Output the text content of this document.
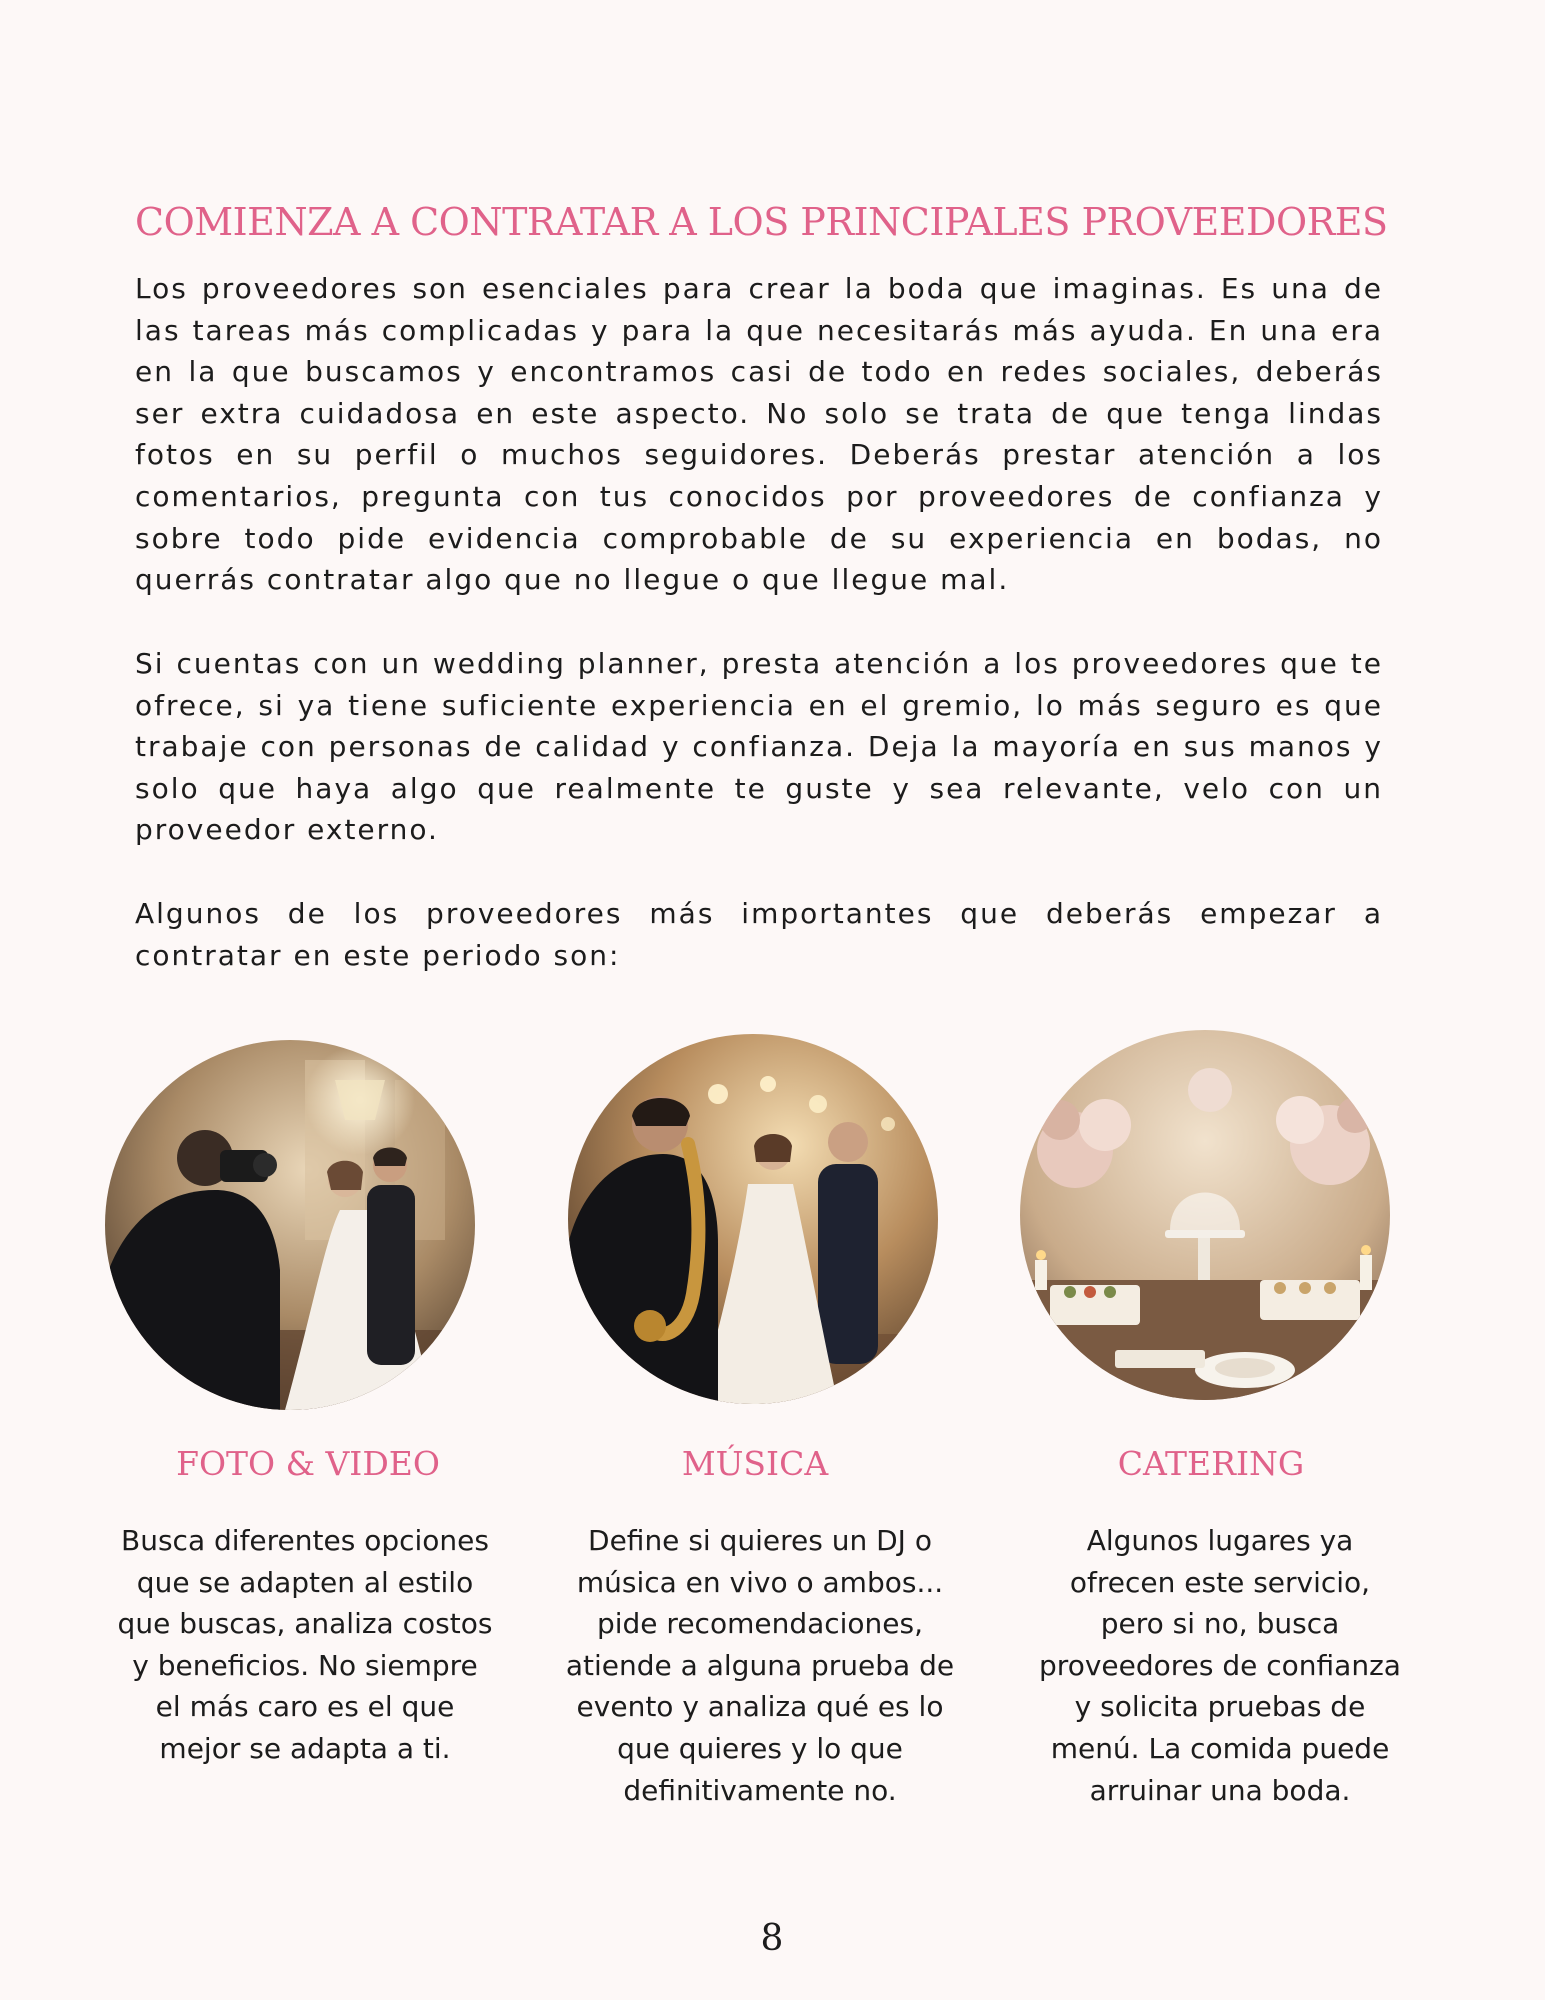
COMIENZA A CONTRATAR A LOS PRINCIPALES PROVEEDORES

Los proveedores son esenciales para crear la boda que imaginas. Es una de las tareas más complicadas y para la que necesitarás más ayuda. En una era en la que buscamos y encontramos casi de todo en redes sociales, deberás ser extra cuidadosa en este aspecto. No solo se trata de que tenga lindas fotos en su perfil o muchos seguidores. Deberás prestar atención a los comentarios, pregunta con tus conocidos por proveedores de confianza y sobre todo pide evidencia comprobable de su experiencia en bodas, no querrás contratar algo que no llegue o que llegue mal.

Si cuentas con un wedding planner, presta atención a los proveedores que te ofrece, si ya tiene suficiente experiencia en el gremio, lo más seguro es que trabaje con personas de calidad y confianza. Deja la mayoría en sus manos y solo que haya algo que realmente te guste y sea relevante, velo con un proveedor externo.

Algunos de los proveedores más importantes que deberás empezar a contratar en este periodo son:

FOTO & VIDEO	MÚSICA	CATERING
Busca diferentes opciones
que se adapten al estilo
que buscas, analiza costos
y beneficios. No siempre
el más caro es el que
mejor se adapta a ti.
Define si quieres un DJ o
música en vivo o ambos...
pide recomendaciones,
atiende a alguna prueba de
evento y analiza qué es lo
que quieres y lo que
definitivamente no.
Algunos lugares ya
ofrecen este servicio,
pero si no, busca
proveedores de confianza
y solicita pruebas de
menú. La comida puede
arruinar una boda.
8
